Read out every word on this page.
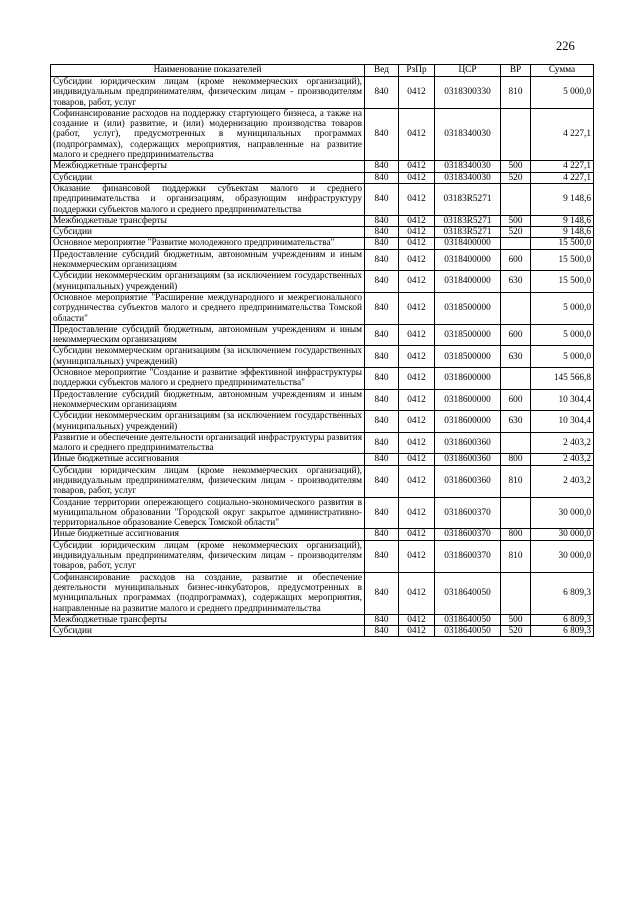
226
Наименование показателей	Вед	РзПр	ЦСР	ВР	Сумма
Субсидии юридическим лицам (кроме некоммерческих организаций), индивидуальным предпринимателям, физическим лицам - производителям товаров, работ, услуг	840	0412	0318300330	810	5 000,0
Софинансирование расходов на поддержку стартующего бизнеса, а также на создание и (или) развитие, и (или) модернизацию производства товаров (работ, услуг), предусмотренных в муниципальных программах (подпрограммах), содержащих мероприятия, направленные на развитие малого и среднего предпринимательства	840	0412	0318340030		4 227,1
Межбюджетные трансферты	840	0412	0318340030	500	4 227,1
Субсидии	840	0412	0318340030	520	4 227,1
Оказание финансовой поддержки субъектам малого и среднего предпринимательства и организациям, образующим инфраструктуру поддержки субъектов малого и среднего предпринимательства	840	0412	03183R5271		9 148,6
Межбюджетные трансферты	840	0412	03183R5271	500	9 148,6
Субсидии	840	0412	03183R5271	520	9 148,6
Основное мероприятие "Развитие молодежного предпринимательства"	840	0412	0318400000		15 500,0
Предоставление субсидий бюджетным, автономным учреждениям и иным некоммерческим организациям	840	0412	0318400000	600	15 500,0
Субсидии некоммерческим организациям (за исключением государственных (муниципальных) учреждений)	840	0412	0318400000	630	15 500,0
Основное мероприятие "Расширение международного и межрегионального сотрудничества субъектов малого и среднего предпринимательства Томской области"	840	0412	0318500000		5 000,0
Предоставление субсидий бюджетным, автономным учреждениям и иным некоммерческим организациям	840	0412	0318500000	600	5 000,0
Субсидии некоммерческим организациям (за исключением государственных (муниципальных) учреждений)	840	0412	0318500000	630	5 000,0
Основное мероприятие "Создание и развитие эффективной инфраструктуры поддержки субъектов малого и среднего предпринимательства"	840	0412	0318600000		145 566,8
Предоставление субсидий бюджетным, автономным учреждениям и иным некоммерческим организациям	840	0412	0318600000	600	10 304,4
Субсидии некоммерческим организациям (за исключением государственных (муниципальных) учреждений)	840	0412	0318600000	630	10 304,4
Развитие и обеспечение деятельности организаций инфраструктуры развития малого и среднего предпринимательства	840	0412	0318600360		2 403,2
Иные бюджетные ассигнования	840	0412	0318600360	800	2 403,2
Субсидии юридическим лицам (кроме некоммерческих организаций), индивидуальным предпринимателям, физическим лицам - производителям товаров, работ, услуг	840	0412	0318600360	810	2 403,2
Создание территории опережающего социально-экономического развития в муниципальном образовании "Городской округ закрытое административно-территориальное образование Северск Томской области"	840	0412	0318600370		30 000,0
Иные бюджетные ассигнования	840	0412	0318600370	800	30 000,0
Субсидии юридическим лицам (кроме некоммерческих организаций), индивидуальным предпринимателям, физическим лицам - производителям товаров, работ, услуг	840	0412	0318600370	810	30 000,0
Софинансирование расходов на создание, развитие и обеспечение деятельности муниципальных бизнес-инкубаторов, предусмотренных в муниципальных программах (подпрограммах), содержащих мероприятия, направленные на развитие малого и среднего предпринимательства	840	0412	0318640050		6 809,3
Межбюджетные трансферты	840	0412	0318640050	500	6 809,3
Субсидии	840	0412	0318640050	520	6 809,3
